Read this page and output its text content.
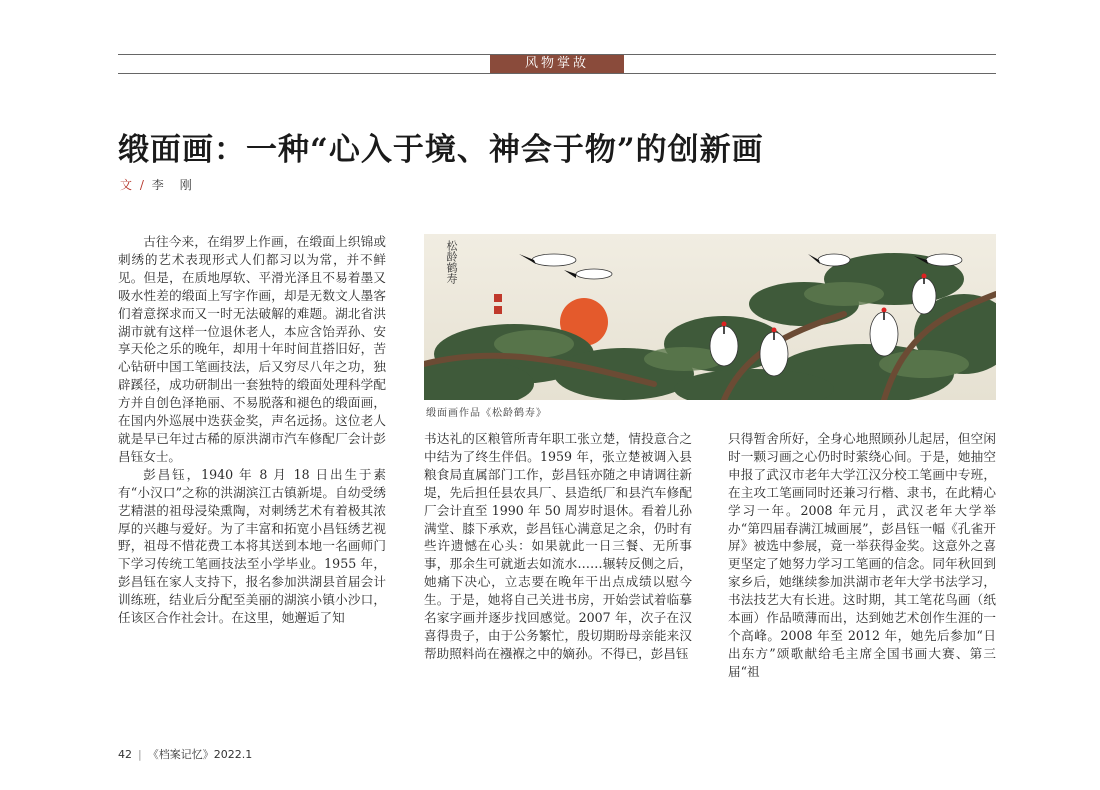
风物掌故
缎面画：一种“心入于境、神会于物”的创新画
文 / 李　刚

古往今来，在绢罗上作画，在缎面上织锦或刺绣的艺术表现形式人们都习以为常，并不鲜见。但是，在质地厚软、平滑光泽且不易着墨又吸水性差的缎面上写字作画，却是无数文人墨客们着意探求而又一时无法破解的难题。湖北省洪湖市就有这样一位退休老人，本应含饴弄孙、安享天伦之乐的晚年，却用十年时间苴搭旧好，苦心钻研中国工笔画技法，后又穷尽八年之功，独辟蹊径，成功研制出一套独特的缎面处理科学配方并自创色泽艳丽、不易脱落和褪色的缎面画，在国内外巡展中迭获金奖，声名远扬。这位老人就是早已年过古稀的原洪湖市汽车修配厂会计彭昌钰女士。

彭昌钰，1940 年 8 月 18 日出生于素有“小汉口”之称的洪湖滨江古镇新堤。自幼受绣艺精湛的祖母浸染熏陶，对刺绣艺术有着极其浓厚的兴趣与爱好。为了丰富和拓宽小昌钰绣艺视野，祖母不惜花费工本将其送到本地一名画师门下学习传统工笔画技法至小学毕业。1955 年，彭昌钰在家人支持下，报名参加洪湖县首届会计训练班，结业后分配至美丽的湖滨小镇小沙口，任该区合作社会计。在这里，她邂逅了知

松龄鹤寿
缎面画作品《松龄鹤寿》

书达礼的区粮管所青年职工张立楚，情投意合之中结为了终生伴侣。1959 年，张立楚被调入县粮食局直属部门工作，彭昌钰亦随之申请调往新堤，先后担任县农具厂、县造纸厂和县汽车修配厂会计直至 1990 年 50 周岁时退休。看着儿孙满堂、膝下承欢，彭昌钰心满意足之余，仍时有些许遗憾在心头：如果就此一日三餐、无所事事，那余生可就逝去如流水……辗转反侧之后，她痛下决心，立志要在晚年干出点成绩以慰今生。于是，她将自己关进书房，开始尝试着临摹名家字画并逐步找回感觉。2007 年，次子在汉喜得贵子，由于公务繁忙，殷切期盼母亲能来汉帮助照料尚在襁褓之中的嫡孙。不得已，彭昌钰

只得暂舍所好，全身心地照顾孙儿起居，但空闲时一颗习画之心仍时时萦绕心间。于是，她抽空申报了武汉市老年大学江汉分校工笔画中专班，在主攻工笔画同时还兼习行楷、隶书，在此精心学习一年。2008 年元月，武汉老年大学举办“第四届春满江城画展”，彭昌钰一幅《孔雀开屏》被选中参展，竟一举获得金奖。这意外之喜更坚定了她努力学习工笔画的信念。同年秋回到家乡后，她继续参加洪湖市老年大学书法学习，书法技艺大有长进。这时期，其工笔花鸟画（纸本画）作品喷薄而出，达到她艺术创作生涯的一个高峰。2008 年至 2012 年，她先后参加“日出东方”颂歌献给毛主席全国书画大赛、第三届“祖

42 | 《档案记忆》2022.1
